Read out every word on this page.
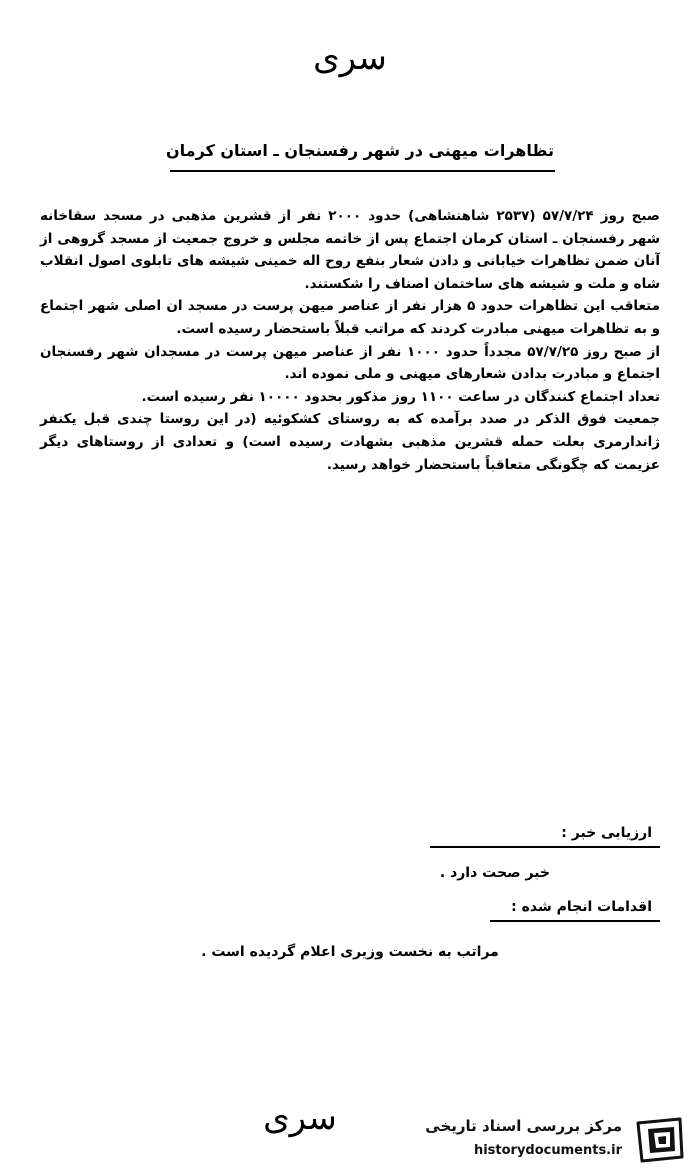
سری
تظاهرات میهنی در شهر رفسنجان ـ استان کرمان

صبح روز ۵۷/۷/۲۴ (۲۵۳۷ شاهنشاهی) حدود ۲۰۰۰ نفر از قشرین مذهبی در مسجد سقاخانه شهر رفسنجان ـ استان کرمان اجتماع پس از خاتمه مجلس و خروج جمعیت از مسجد گروهی از آنان ضمن تظاهرات خیابانی و دادن شعار بنفع روح اله خمینی شیشه های تابلوی اصول انقلاب شاه و ملت و شیشه های ساختمان اصناف را شکستند.

متعاقب این تظاهرات حدود ۵ هزار نفر از عناصر میهن پرست در مسجد ان اصلی شهر اجتماع و به تظاهرات میهنی مبادرت کردند که مراتب قبلاً باستحضار رسیده است.

از صبح روز ۵۷/۷/۲۵ مجدداً حدود ۱۰۰۰ نفر از عناصر میهن پرست در مسجدان شهر رفسنجان اجتماع و مبادرت بدادن شعارهای میهنی و ملی نموده اند.

تعداد اجتماع کنندگان در ساعت ۱۱۰۰ روز مذکور بحدود ۱۰۰۰۰ نفر رسیده است.

جمعیت فوق الذکر در صدد برآمده که به روستای کشکوئیه (در این روستا چندی قبل یکنفر ژاندارمری بعلت حمله قشرین مذهبی بشهادت رسیده است) و تعدادی از روستاهای دیگر عزیمت که چگونگی متعاقباً باستحضار خواهد رسید.

ارزیابی خبر :
خبر صحت دارد .
اقدامات انجام شده :
مراتب به نخست وزیری اعلام گردیده است .
سری	مرکز بررسی اسناد تاریخی
historydocuments.ir
